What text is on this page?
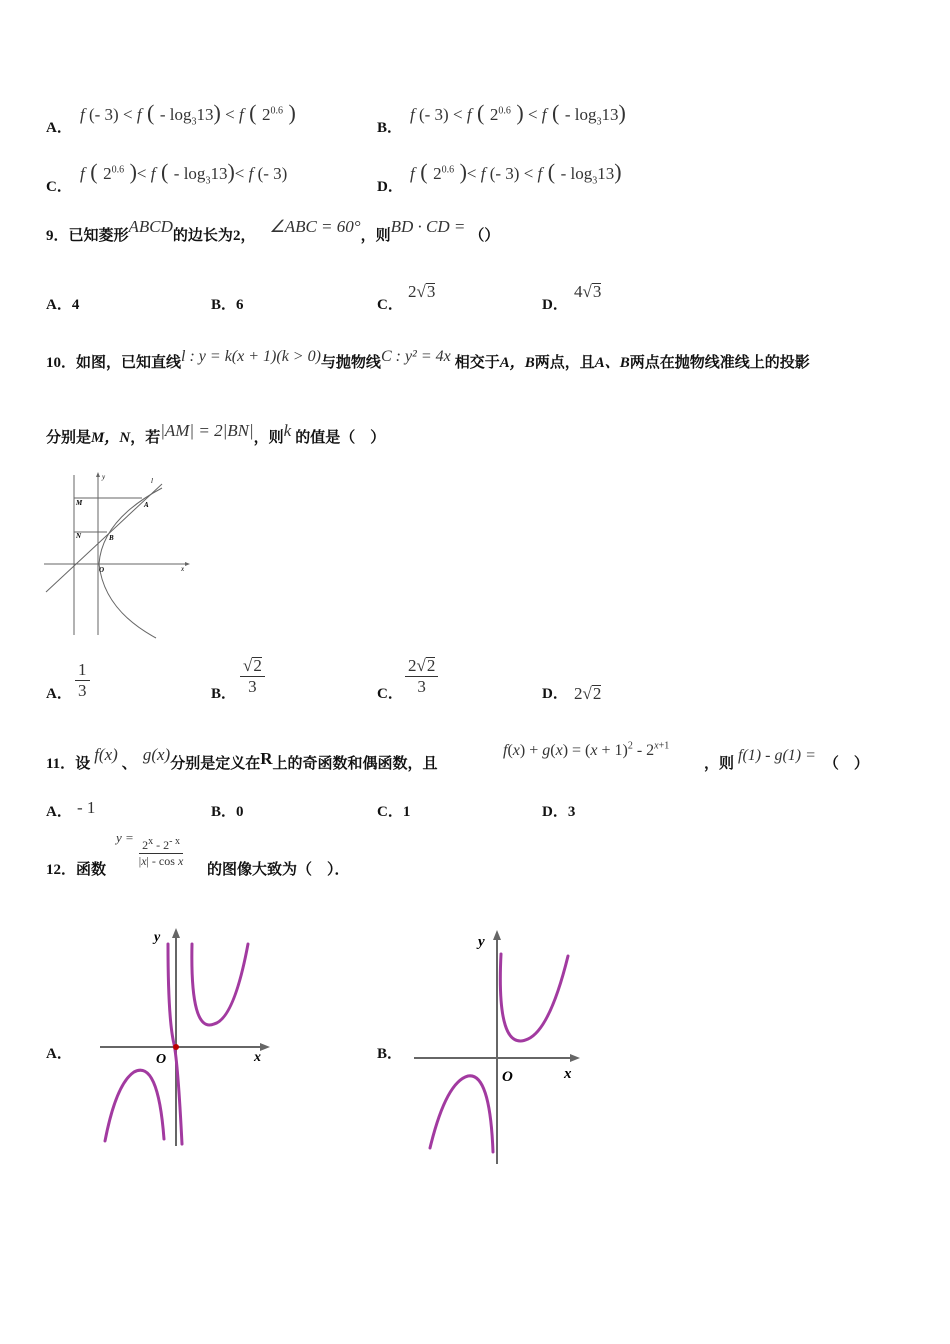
A．
f (- 3) < f ( - $\log_313) < f$ ( $2^{0.6}$ )
B．
f (- 3) < f ( $2^{0.6}$ ) < f ( - $\log_313$)
C．
f ( $2^{0.6}$ )< f ( - $\log_313)< f$ (- 3)
D．
f ( $2^{0.6}$ )< f (- 3) < f ( - $\log_313$)
9．已知菱形ABCD的边长为2， ∠ABC = 60°，则BD · CD = （）
A．4	B．6	C．
2√3
D．
4√3
10．如图，已知直线l : y = k(x + 1)(k > 0)与抛物线C : y² = 4x 相交于A，B两点，且A、B两点在抛物线准线上的投影
分别是M，N，若|AM| = 2|BN|，则k 的值是（　）
y
x
l
M
N
A
B
O
A． $\frac{1}{3}$	B． $\frac{√2}{3}$	C． $\frac{2√2}{3}$	D． 2√2
11．设 f(x) 、 g(x)分别是定义在R上的奇函数和偶函数，且
$f(x) + g(x) = (x + 1)^2 - 2^{x+1}$
，则 f(1) - g(1) = （　）
A． - 1	B．0	C．1	D．3
12．函数
$^{y =} \frac{2^x - 2^{- x}}{\text{|x| - cos x}}$ 的图像大致为（　）．
A．
y
x
O	B．
y
x
O
